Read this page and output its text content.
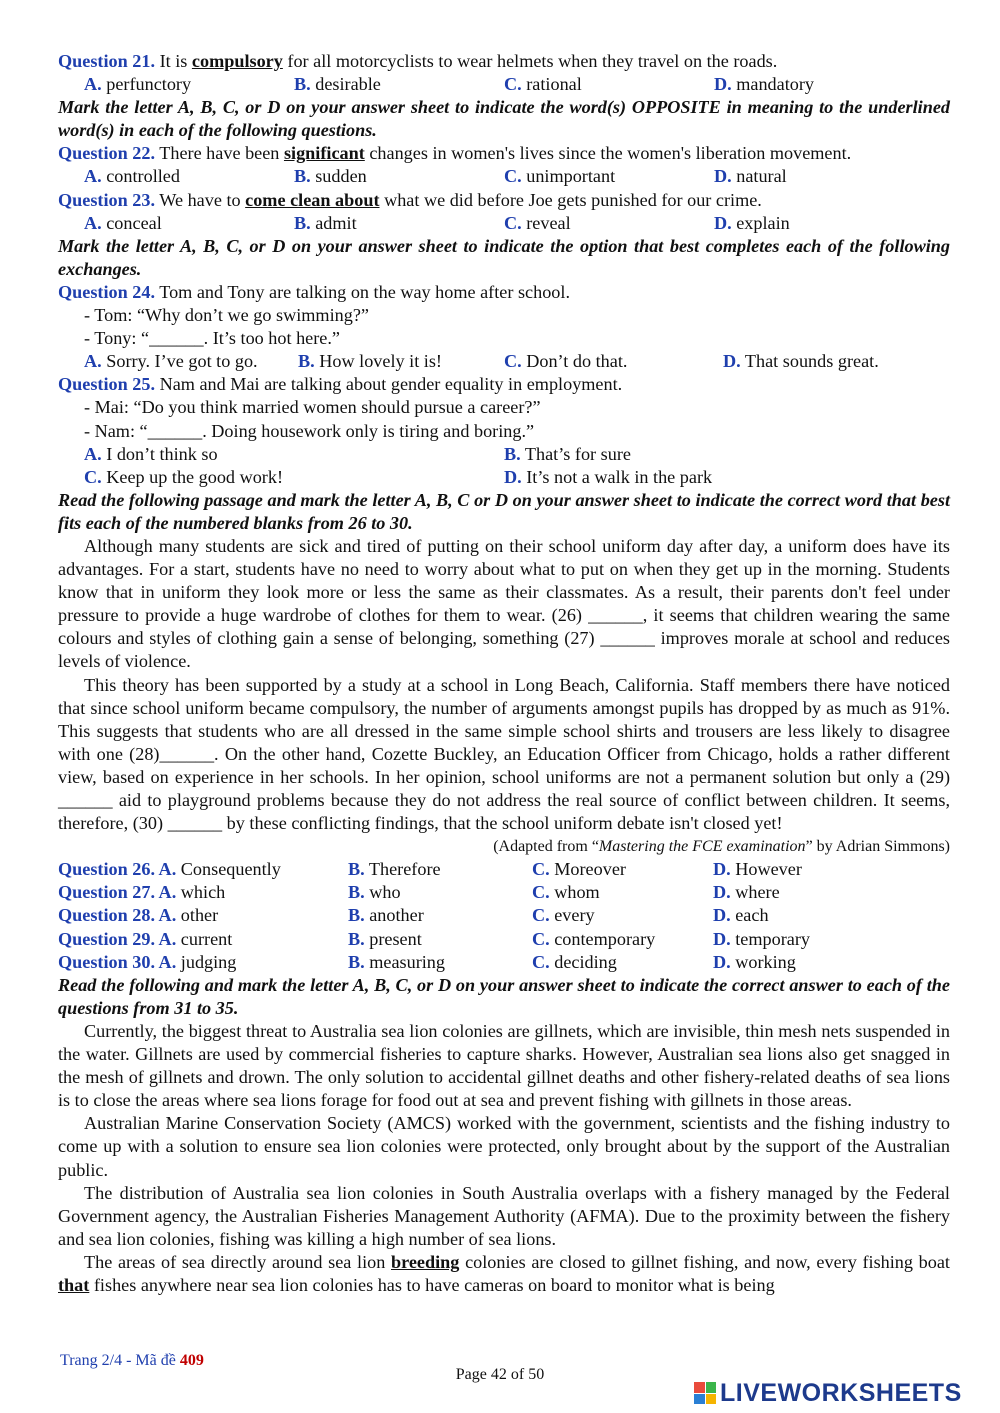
Question 21. It is compulsory for all motorcyclists to wear helmets when they travel on the roads.
A. perfunctory	B. desirable	C. rational	D. mandatory
Mark the letter A, B, C, or D on your answer sheet to indicate the word(s) OPPOSITE in meaning to the underlined word(s) in each of the following questions.
Question 22. There have been significant changes in women's lives since the women's liberation movement.
A. controlled	B. sudden	C. unimportant	D. natural
Question 23. We have to come clean about what we did before Joe gets punished for our crime.
A. conceal	B. admit	C. reveal	D. explain
Mark the letter A, B, C, or D on your answer sheet to indicate the option that best completes each of the following exchanges.
Question 24. Tom and Tony are talking on the way home after school.
- Tom: “Why don’t we go swimming?”
- Tony: “______. It’s too hot here.”
A. Sorry. I’ve got to go. B. How lovely it is!	C. Don’t do that.	D. That sounds great.
Question 25. Nam and Mai are talking about gender equality in employment.
- Mai: “Do you think married women should pursue a career?”
- Nam: “______. Doing housework only is tiring and boring.”
A. I don’t think so	B. That’s for sure
C. Keep up the good work!	D. It’s not a walk in the park
Read the following passage and mark the letter A, B, C or D on your answer sheet to indicate the correct word that best fits each of the numbered blanks from 26 to 30.
Although many students are sick and tired of putting on their school uniform day after day, a uniform does have its advantages. For a start, students have no need to worry about what to put on when they get up in the morning. Students know that in uniform they look more or less the same as their classmates. As a result, their parents don't feel under pressure to provide a huge wardrobe of clothes for them to wear. (26) ______, it seems that children wearing the same colours and styles of clothing gain a sense of belonging, something (27) ______ improves morale at school and reduces levels of violence.
This theory has been supported by a study at a school in Long Beach, California. Staff members there have noticed that since school uniform became compulsory, the number of arguments amongst pupils has dropped by as much as 91%. This suggests that students who are all dressed in the same simple school shirts and trousers are less likely to disagree with one (28)______. On the other hand, Cozette Buckley, an Education Officer from Chicago, holds a rather different view, based on experience in her schools. In her opinion, school uniforms are not a permanent solution but only a (29) ______ aid to playground problems because they do not address the real source of conflict between children. It seems, therefore, (30) ______ by these conflicting findings, that the school uniform debate isn't closed yet!
(Adapted from “Mastering the FCE examination” by Adrian Simmons)
Question 26. A. Consequently	B. Therefore	C. Moreover	D. However
Question 27. A. which	B. who	C. whom	D. where
Question 28. A. other	B. another	C. every	D. each
Question 29. A. current	B. present	C. contemporary	D. temporary
Question 30. A. judging	B. measuring	C. deciding	D. working
Read the following and mark the letter A, B, C, or D on your answer sheet to indicate the correct answer to each of the questions from 31 to 35.
Currently, the biggest threat to Australia sea lion colonies are gillnets, which are invisible, thin mesh nets suspended in the water. Gillnets are used by commercial fisheries to capture sharks. However, Australian sea lions also get snagged in the mesh of gillnets and drown. The only solution to accidental gillnet deaths and other fishery-related deaths of sea lions is to close the areas where sea lions forage for food out at sea and prevent fishing with gillnets in those areas.
Australian Marine Conservation Society (AMCS) worked with the government, scientists and the fishing industry to come up with a solution to ensure sea lion colonies were protected, only brought about by the support of the Australian public.
The distribution of Australia sea lion colonies in South Australia overlaps with a fishery managed by the Federal Government agency, the Australian Fisheries Management Authority (AFMA). Due to the proximity between the fishery and sea lion colonies, fishing was killing a high number of sea lions.
The areas of sea directly around sea lion breeding colonies are closed to gillnet fishing, and now, every fishing boat that fishes anywhere near sea lion colonies has to have cameras on board to monitor what is being
Trang 2/4 - Mã đề 409
Page 42 of 50
LIVEWORKSHEETS
